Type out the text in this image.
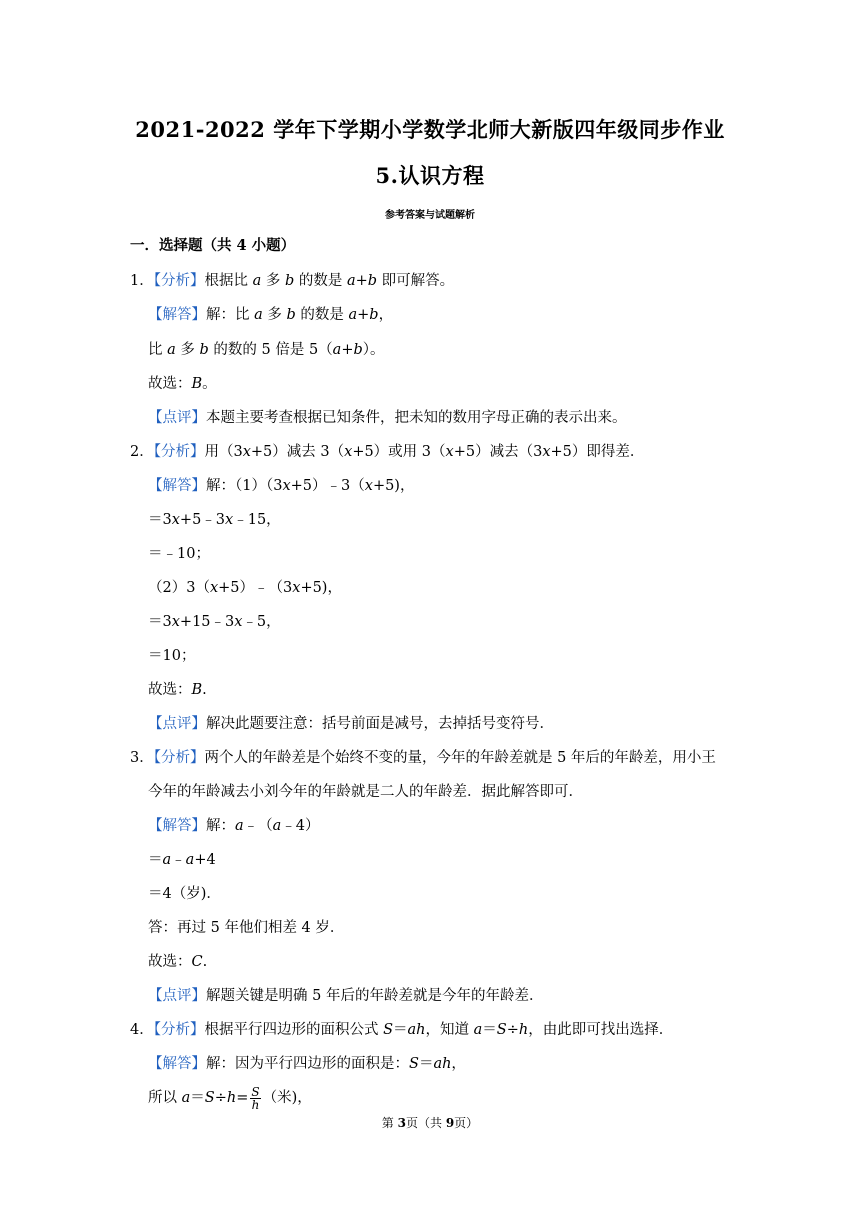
2021-2022 学年下学期小学数学北师大新版四年级同步作业
5.认识方程
参考答案与试题解析
一．选择题（共 4 小题）
1．【分析】根据比 a 多 b 的数是 a+b 即可解答。
【解答】解：比 a 多 b 的数是 a+b，
比 a 多 b 的数的 5 倍是 5（a+b）。
故选：B。
【点评】本题主要考查根据已知条件，把未知的数用字母正确的表示出来。
2．【分析】用（3x+5）减去 3（x+5）或用 3（x+5）减去（3x+5）即得差．
【解答】解：（1）（3x+5）﹣3（x+5)，
＝3x+5﹣3x﹣15，
＝﹣10；
（2）3（x+5）﹣（3x+5)，
＝3x+15﹣3x﹣5，
＝10；
故选：B.
【点评】解决此题要注意：括号前面是减号，去掉括号变符号．
3．【分析】两个人的年龄差是个始终不变的量，今年的年龄差就是 5 年后的年龄差，用小王
今年的年龄减去小刘今年的年龄就是二人的年龄差．据此解答即可．
【解答】解：a﹣（a﹣4）
＝a﹣a+4
＝4（岁)．
答：再过 5 年他们相差 4 岁．
故选：C.
【点评】解题关键是明确 5 年后的年龄差就是今年的年龄差．
4．【分析】根据平行四边形的面积公式 S＝ah，知道 a＝S÷h，由此即可找出选择．
【解答】解：因为平行四边形的面积是：S＝ah，
所以 $a=S\div h= \frac{S}{h}$ （米)，
第 3页（共 9页）
